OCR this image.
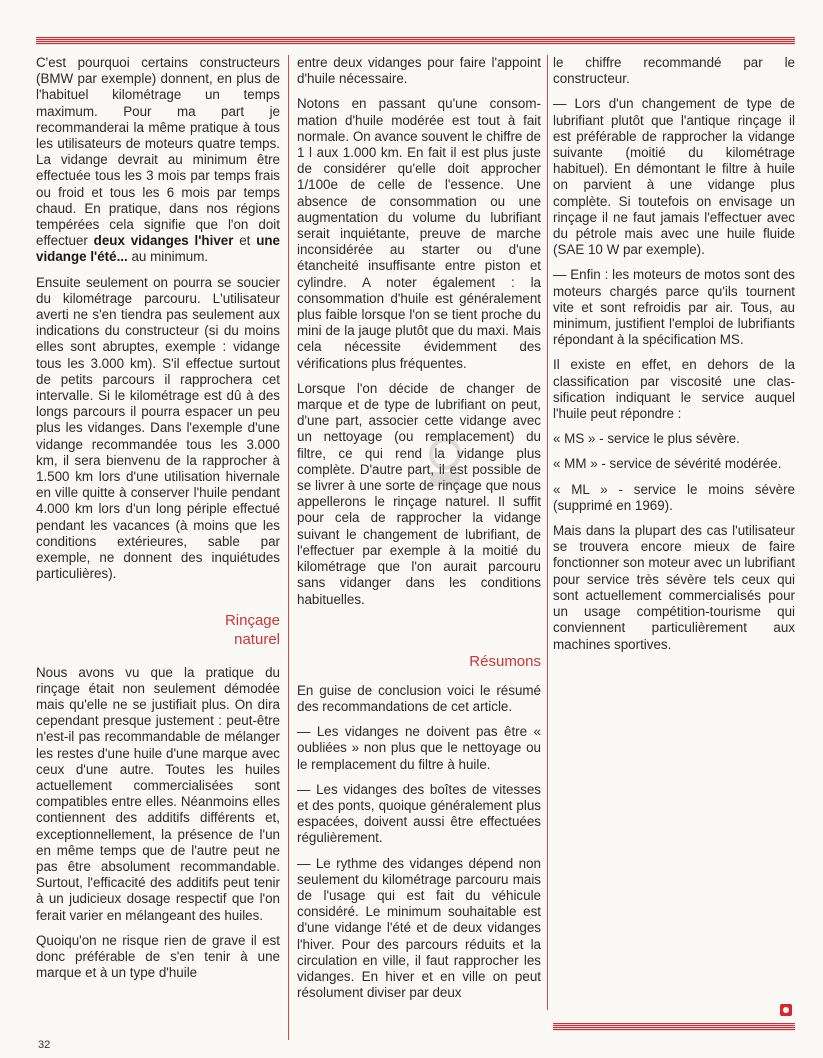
C'est pourquoi certains constructeurs (BMW par exemple) donnent, en plus de l'habituel kilométrage un temps maximum. Pour ma part je recommanderai la même pratique à tous les utilisateurs de moteurs quatre temps. La vidange devrait au minimum être effectuée tous les 3 mois par temps frais ou froid et tous les 6 mois par temps chaud. En pratique, dans nos régions tempérées cela signifie que l'on doit effectuer deux vidanges l'hiver et une vidange l'été... au minimum.

Ensuite seulement on pourra se soucier du kilométrage parcouru. L'utilisateur averti ne s'en tiendra pas seulement aux indications du constructeur (si du moins elles sont abruptes, exemple : vidange tous les 3.000 km). S'il effectue surtout de petits parcours il rapprochera cet intervalle. Si le kilométrage est dû à des longs parcours il pourra espacer un peu plus les vidanges. Dans l'exemple d'une vidange recommandée tous les 3.000 km, il sera bienvenu de la rapprocher à 1.500 km lors d'une utilisation hivernale en ville quitte à conserver l'huile pendant 4.000 km lors d'un long périple effectué pendant les vacances (à moins que les conditions extérieures, sable par exemple, ne donnent des inquiétudes particulières).

Rinçage
naturel

Nous avons vu que la pratique du rinçage était non seulement démodée mais qu'elle ne se justifiait plus. On dira cependant presque justement : peut-être n'est-il pas recommandable de mélanger les restes d'une huile d'une marque avec ceux d'une autre. Toutes les huiles actuellement commercialisées sont compatibles entre elles. Néanmoins elles contiennent des additifs différents et, exceptionnellement, la présence de l'un en même temps que de l'autre peut ne pas être absolument recommandable. Surtout, l'efficacité des additifs peut tenir à un judicieux dosage respectif que l'on ferait varier en mélangeant des huiles.

Quoiqu'on ne risque rien de grave il est donc préférable de s'en tenir à une marque et à un type d'huile

entre deux vidanges pour faire l'appoint d'huile nécessaire.

Notons en passant qu'une consommation d'huile modérée est tout à fait normale. On avance souvent le chiffre de 1 l aux 1.000 km. En fait il est plus juste de considérer qu'elle doit approcher 1/100e de celle de l'essence. Une absence de consommation ou une augmentation du volume du lubrifiant serait inquiétante, preuve de marche inconsidérée au starter ou d'une étancheité insuffisante entre piston et cylindre. A noter également : la consommation d'huile est généralement plus faible lorsque l'on se tient proche du mini de la jauge plutôt que du maxi. Mais cela nécessite évidemment des vérifications plus fréquentes.

Lorsque l'on décide de changer de marque et de type de lubrifiant on peut, d'une part, associer cette vidange avec un nettoyage (ou remplacement) du filtre, ce qui rend la vidange plus complète. D'autre part, il est possible de se livrer à une sorte de rinçage que nous appellerons le rinçage naturel. Il suffit pour cela de rapprocher la vidange suivant le changement de lubrifiant, de l'effectuer par exemple à la moitié du kilométrage que l'on aurait parcouru sans vidanger dans les conditions habituelles.

Résumons

En guise de conclusion voici le résumé des recommandations de cet article.

— Les vidanges ne doivent pas être « oubliées » non plus que le nettoyage ou le remplacement du filtre à huile.

— Les vidanges des boîtes de vitesses et des ponts, quoique généralement plus espacées, doivent aussi être effectuées régulièrement.

— Le rythme des vidanges dépend non seulement du kilométrage parcouru mais de l'usage qui est fait du véhicule considéré. Le minimum souhaitable est d'une vidange l'été et de deux vidanges l'hiver. Pour des parcours réduits et la circulation en ville, il faut rapprocher les vidanges. En hiver et en ville on peut résolument diviser par deux

le chiffre recommandé par le constructeur.

— Lors d'un changement de type de lubrifiant plutôt que l'antique rinçage il est préférable de rapprocher la vidange suivante (moitié du kilométrage habituel). En démontant le filtre à huile on parvient à une vidange plus complète. Si toutefois on envisage un rinçage il ne faut jamais l'effectuer avec du pétrole mais avec une huile fluide (SAE 10 W par exemple).

— Enfin : les moteurs de motos sont des moteurs chargés parce qu'ils tournent vite et sont refroidis par air. Tous, au minimum, justifient l'emploi de lubrifiants répondant à la spécification MS.

Il existe en effet, en dehors de la classification par viscosité une classification indiquant le service auquel l'huile peut répondre :

« MS » - service le plus sévère.

« MM » - service de sévérité modérée.

« ML » - service le moins sévère (supprimé en 1969).

Mais dans la plupart des cas l'utilisateur se trouvera encore mieux de faire fonctionner son moteur avec un lubrifiant pour service très sévère tels ceux qui sont actuellement commercialisés pour un usage compétition-tourisme qui conviennent particulièrement aux machines sportives.

32
